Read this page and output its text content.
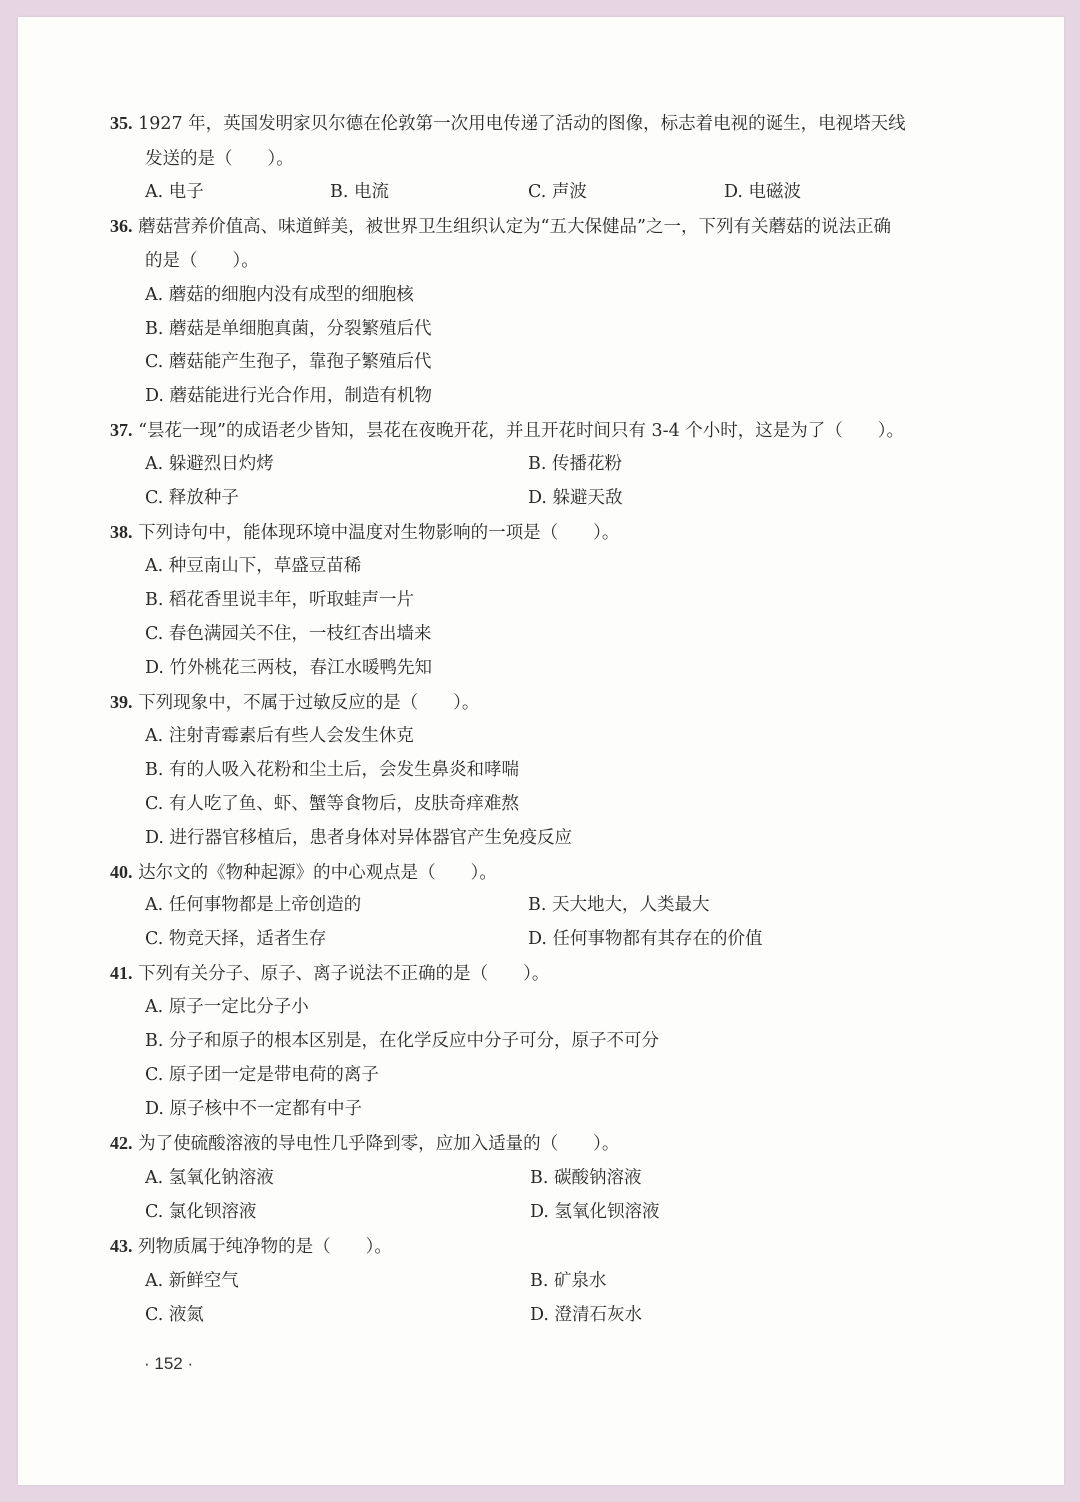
35. 1927 年，英国发明家贝尔德在伦敦第一次用电传递了活动的图像，标志着电视的诞生，电视塔天线
发送的是（　　）。
A. 电子	B. 电流	C. 声波	D. 电磁波
36. 蘑菇营养价值高、味道鲜美，被世界卫生组织认定为“五大保健品”之一，下列有关蘑菇的说法正确
的是（　　）。
A. 蘑菇的细胞内没有成型的细胞核
B. 蘑菇是单细胞真菌，分裂繁殖后代
C. 蘑菇能产生孢子，靠孢子繁殖后代
D. 蘑菇能进行光合作用，制造有机物
37. “昙花一现”的成语老少皆知，昙花在夜晚开花，并且开花时间只有 3-4 个小时，这是为了（　　）。
A. 躲避烈日灼烤	B. 传播花粉
C. 释放种子	D. 躲避天敌
38. 下列诗句中，能体现环境中温度对生物影响的一项是（　　）。
A. 种豆南山下，草盛豆苗稀
B. 稻花香里说丰年，听取蛙声一片
C. 春色满园关不住，一枝红杏出墙来
D. 竹外桃花三两枝，春江水暖鸭先知
39. 下列现象中，不属于过敏反应的是（　　）。
A. 注射青霉素后有些人会发生休克
B. 有的人吸入花粉和尘土后，会发生鼻炎和哮喘
C. 有人吃了鱼、虾、蟹等食物后，皮肤奇痒难熬
D. 进行器官移植后，患者身体对异体器官产生免疫反应
40. 达尔文的《物种起源》的中心观点是（　　）。
A. 任何事物都是上帝创造的	B. 天大地大，人类最大
C. 物竞天择，适者生存	D. 任何事物都有其存在的价值
41. 下列有关分子、原子、离子说法不正确的是（　　）。
A. 原子一定比分子小
B. 分子和原子的根本区别是，在化学反应中分子可分，原子不可分
C. 原子团一定是带电荷的离子
D. 原子核中不一定都有中子
42. 为了使硫酸溶液的导电性几乎降到零，应加入适量的（　　）。
A. 氢氧化钠溶液	B. 碳酸钠溶液
C. 氯化钡溶液	D. 氢氧化钡溶液
43. 列物质属于纯净物的是（　　）。
A. 新鲜空气	B. 矿泉水
C. 液氮	D. 澄清石灰水
· 152 ·
